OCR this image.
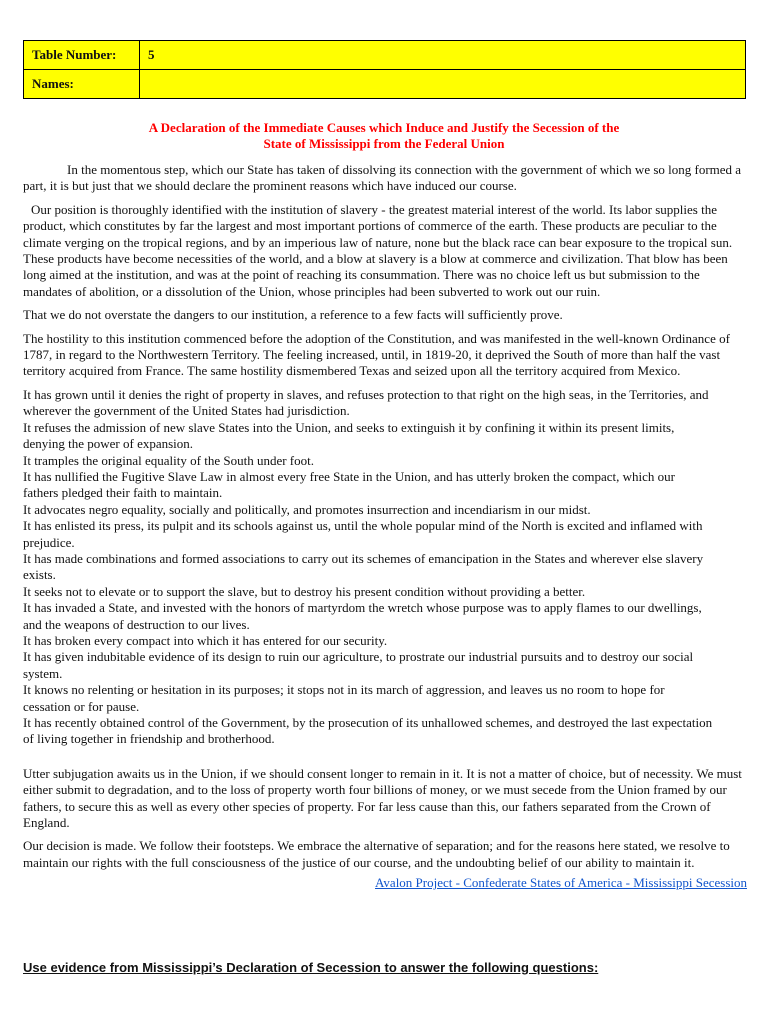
Table Number:	5
Names:	
A Declaration of the Immediate Causes which Induce and Justify the Secession of the
State of Mississippi from the Federal Union

In the momentous step, which our State has taken of dissolving its connection with the government of which we so long formed a part, it is but just that we should declare the prominent reasons which have induced our course.

Our position is thoroughly identified with the institution of slavery - the greatest material interest of the world. Its labor supplies the product, which constitutes by far the largest and most important portions of commerce of the earth. These products are peculiar to the climate verging on the tropical regions, and by an imperious law of nature, none but the black race can bear exposure to the tropical sun. These products have become necessities of the world, and a blow at slavery is a blow at commerce and civilization. That blow has been long aimed at the institution, and was at the point of reaching its consummation. There was no choice left us but submission to the mandates of abolition, or a dissolution of the Union, whose principles had been subverted to work out our ruin.

That we do not overstate the dangers to our institution, a reference to a few facts will sufficiently prove.

The hostility to this institution commenced before the adoption of the Constitution, and was manifested in the well-known Ordinance of 1787, in regard to the Northwestern Territory. The feeling increased, until, in 1819-20, it deprived the South of more than half the vast territory acquired from France. The same hostility dismembered Texas and seized upon all the territory acquired from Mexico.

It has grown until it denies the right of property in slaves, and refuses protection to that right on the high seas, in the Territories, and wherever the government of the United States had jurisdiction.
It refuses the admission of new slave States into the Union, and seeks to extinguish it by confining it within its present limits, denying the power of expansion.
It tramples the original equality of the South under foot.
It has nullified the Fugitive Slave Law in almost every free State in the Union, and has utterly broken the compact, which our fathers pledged their faith to maintain.
It advocates negro equality, socially and politically, and promotes insurrection and incendiarism in our midst.
It has enlisted its press, its pulpit and its schools against us, until the whole popular mind of the North is excited and inflamed with prejudice.
It has made combinations and formed associations to carry out its schemes of emancipation in the States and wherever else slavery exists.
It seeks not to elevate or to support the slave, but to destroy his present condition without providing a better.
It has invaded a State, and invested with the honors of martyrdom the wretch whose purpose was to apply flames to our dwellings, and the weapons of destruction to our lives.
It has broken every compact into which it has entered for our security.
It has given indubitable evidence of its design to ruin our agriculture, to prostrate our industrial pursuits and to destroy our social system.
It knows no relenting or hesitation in its purposes; it stops not in its march of aggression, and leaves us no room to hope for cessation or for pause.
It has recently obtained control of the Government, by the prosecution of its unhallowed schemes, and destroyed the last expectation of living together in friendship and brotherhood.

Utter subjugation awaits us in the Union, if we should consent longer to remain in it. It is not a matter of choice, but of necessity. We must either submit to degradation, and to the loss of property worth four billions of money, or we must secede from the Union framed by our fathers, to secure this as well as every other species of property. For far less cause than this, our fathers separated from the Crown of England.

Our decision is made. We follow their footsteps. We embrace the alternative of separation; and for the reasons here stated, we resolve to maintain our rights with the full consciousness of the justice of our course, and the undoubting belief of our ability to maintain it.

Avalon Project - Confederate States of America - Mississippi Secession
Use evidence from Mississippi’s Declaration of Secession to answer the following questions:
